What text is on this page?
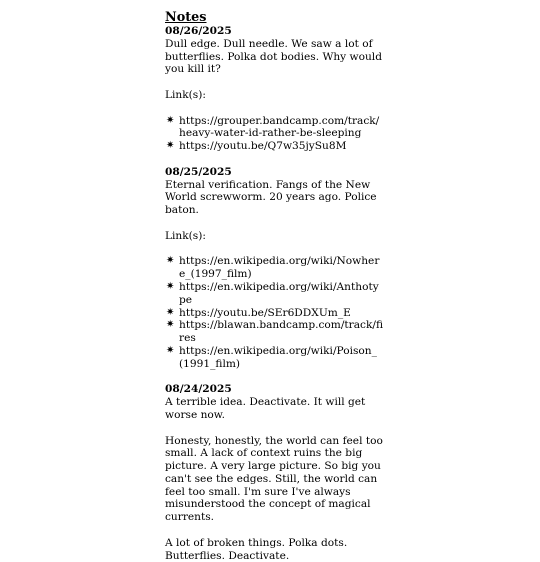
Notes

08/26/2025

Dull edge. Dull needle. We saw a lot of butterflies. Polka dot bodies. Why would you kill it?

Link(s):

✷ https://grouper.bandcamp.com/track/heavy-water-id-rather-be-sleeping
✷ https://youtu.be/Q7w35jySu8M

08/25/2025

Eternal verification. Fangs of the New World screwworm. 20 years ago. Police baton.

Link(s):

✷ https://en.wikipedia.org/wiki/Nowhere_(1997_film)
✷ https://en.wikipedia.org/wiki/Anthotype
✷ https://youtu.be/SEr6DDXUm_E
✷ https://blawan.bandcamp.com/track/fires
✷ https://en.wikipedia.org/wiki/Poison_(1991_film)

08/24/2025

A terrible idea. Deactivate. It will get worse now.

Honesty, honestly, the world can feel too small. A lack of context ruins the big picture. A very large picture. So big you can't see the edges. Still, the world can feel too small. I'm sure I've always misunderstood the concept of magical currents.

A lot of broken things. Polka dots. Butterflies. Deactivate.
